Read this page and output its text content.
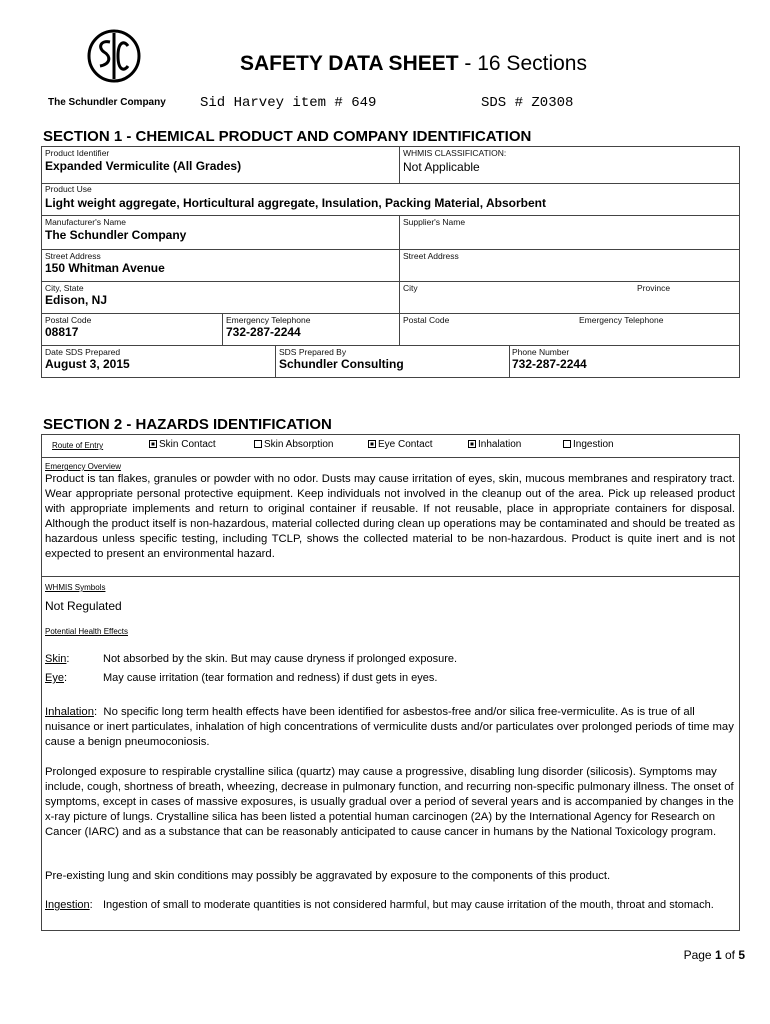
SAFETY DATA SHEET - 16 Sections
The Schundler Company Sid Harvey item # 649	SDS # Z0308
SECTION 1 - CHEMICAL PRODUCT AND COMPANY IDENTIFICATION
Product Identifier
Expanded Vermiculite (All Grades)
WHMIS CLASSIFICATION:
Not Applicable
Product Use
Light weight aggregate, Horticultural aggregate, Insulation, Packing Material, Absorbent
Manufacturer's Name
The Schundler Company
Supplier's Name
Street Address
150 Whitman Avenue
Street Address
City, State
Edison, NJ
City	Province
Postal Code
08817
Emergency Telephone
732-287-2244
Postal Code	Emergency Telephone
Date SDS Prepared
August 3, 2015
SDS Prepared By
Schundler Consulting
Phone Number
732-287-2244
SECTION 2 - HAZARDS IDENTIFICATION
Route of Entry	Skin Contact	Skin Absorption	Eye Contact	Inhalation	Ingestion
Emergency Overview
Product is tan flakes, granules or powder with no odor. Dusts may cause irritation of eyes, skin, mucous membranes and respiratory tract. Wear appropriate personal protective equipment. Keep individuals not involved in the cleanup out of the area. Pick up released product with appropriate implements and return to original container if reusable. If not reusable, place in appropriate containers for disposal. Although the product itself is non-hazardous, material collected during clean up operations may be contaminated and should be treated as hazardous unless specific testing, including TCLP, shows the collected material to be non-hazardous. Product is quite inert and is not expected to present an environmental hazard.
WHMIS Symbols
Not Regulated
Potential Health Effects
Skin:	Not absorbed by the skin. But may cause dryness if prolonged exposure.
Eye:	May cause irritation (tear formation and redness) if dust gets in eyes.
Inhalation:  No specific long term health effects have been identified for asbestos-free and/or silica free-vermiculite. As is true of all nuisance or inert particulates, inhalation of high concentrations of vermiculite dusts and/or particulates over prolonged periods of time may cause a benign pneumoconiosis.
Prolonged exposure to respirable crystalline silica (quartz) may cause a progressive, disabling lung disorder (silicosis). Symptoms may include, cough, shortness of breath, wheezing, decrease in pulmonary function, and recurring non-specific pulmonary illness. The onset of symptoms, except in cases of massive exposures, is usually gradual over a period of several years and is accompanied by changes in the x-ray picture of lungs. Crystalline silica has been listed a potential human carcinogen (2A) by the International Agency for Research on Cancer (IARC) and as a substance that can be reasonably anticipated to cause cancer in humans by the National Toxicology program.
Pre-existing lung and skin conditions may possibly be aggravated by exposure to the components of this product.
Ingestion: Ingestion of small to moderate quantities is not considered harmful, but may cause irritation of the mouth, throat and stomach.
Page 1 of 5
